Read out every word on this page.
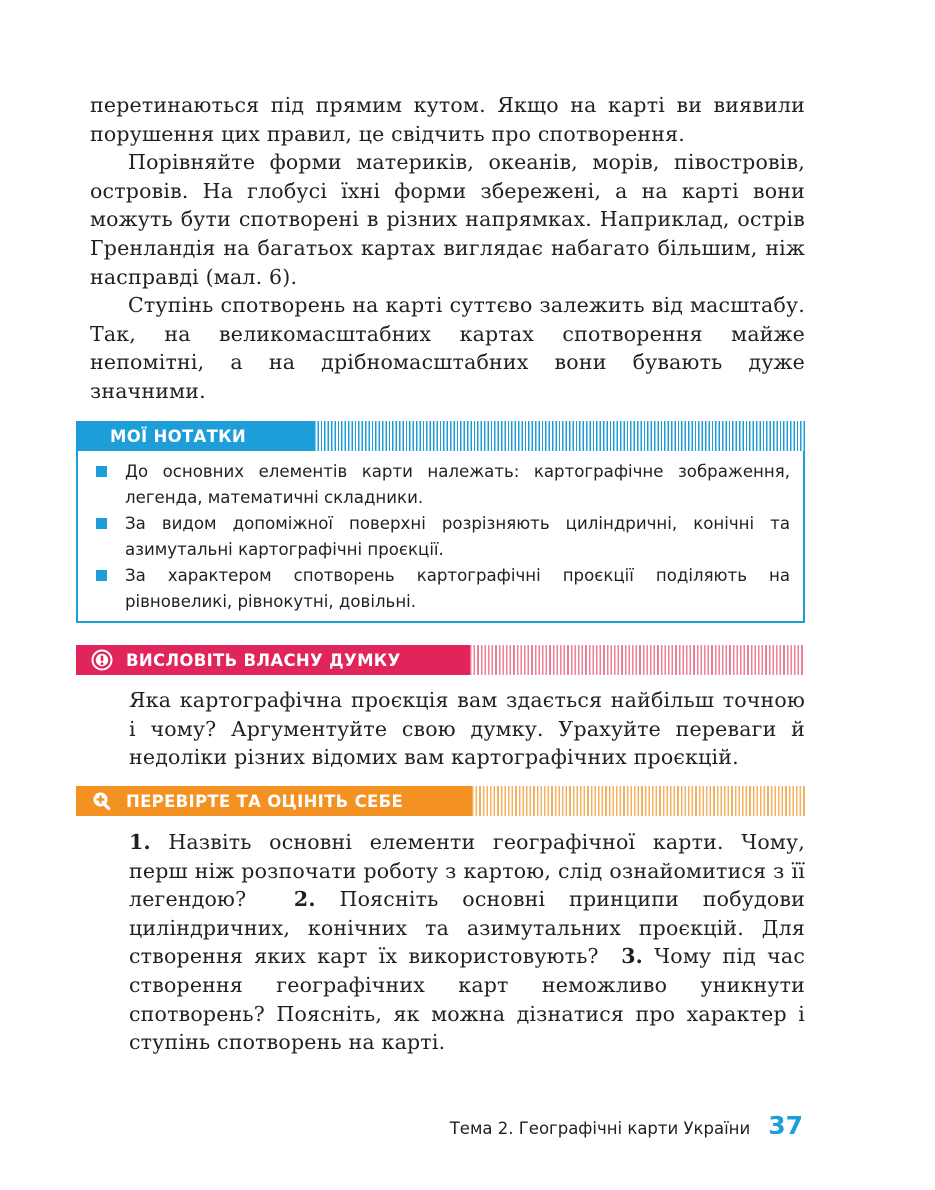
перетинаються під прямим кутом. Якщо на карті ви виявили порушення цих правил, це свідчить про спотворення.

Порівняйте форми материків, океанів, морів, півостровів, островів. На глобусі їхні форми збережені, а на карті вони можуть бути спотворені в різних напрямках. Наприклад, острів Гренландія на багатьох картах виглядає набагато більшим, ніж насправді (мал. 6).

Ступінь спотворень на карті суттєво залежить від масштабу. Так, на великомасштабних картах спотворення майже непомітні, а на дрібномасштабних вони бувають дуже значними.

МОЇ НОТАТКИ
До основних елементів карти належать: картографічне зображення, легенда, математичні складники.
За видом допоміжної поверхні розрізняють циліндричні, конічні та азимутальні картографічні проєкції.
За характером спотворень картографічні проєкції поділяють на рівновеликі, рівнокутні, довільні.
ВИСЛОВІТЬ ВЛАСНУ ДУМКУ

Яка картографічна проєкція вам здається найбільш точною і чому? Аргументуйте свою думку. Урахуйте переваги й недоліки різних відомих вам картографічних проєкцій.

ПЕРЕВІРТЕ ТА ОЦІНІТЬ СЕБЕ

1. Назвіть основні елементи географічної карти. Чому, перш ніж розпочати роботу з картою, слід ознайомитися з її легендою? 2. Поясніть основні принципи побудови циліндричних, конічних та азимутальних проєкцій. Для створення яких карт їх використовують? 3. Чому під час створення географічних карт неможливо уникнути спотворень? Поясніть, як можна дізнатися про характер і ступінь спотворень на карті.

Тема 2. Географічні карти України 37
